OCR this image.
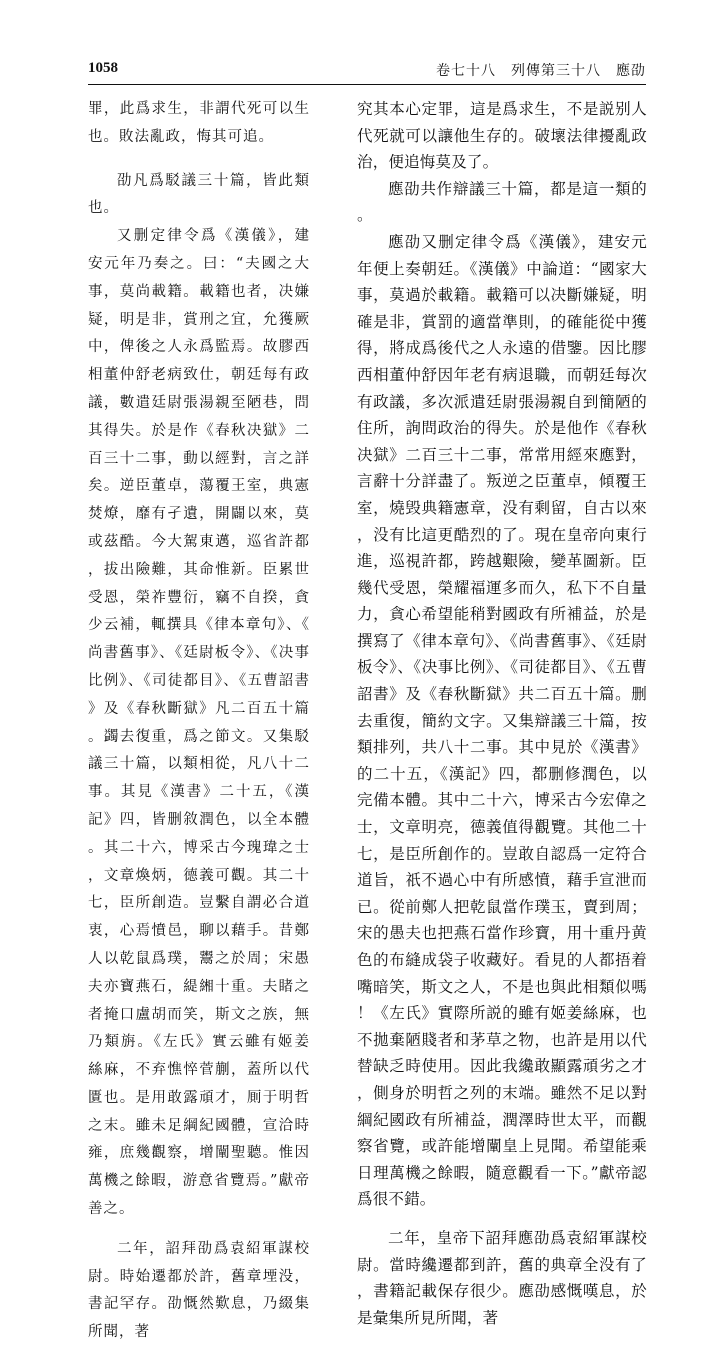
1058	卷七十八　列傳第三十八　應劭

罪，此爲求生，非謂代死可以生也。敗法亂政，悔其可追。

劭凡爲駁議三十篇，皆此類也。

又删定律令爲《漢儀》，建安元年乃奏之。曰：“夫國之大事，莫尚載籍。載籍也者，决嫌疑，明是非，賞刑之宜，允獲厥中，俾後之人永爲監焉。故膠西相董仲舒老病致仕，朝廷每有政議，數遣廷尉張湯親至陋巷，問其得失。於是作《春秋决獄》二百三十二事，動以經對，言之詳矣。逆臣董卓，蕩覆王室，典憲焚燎，靡有孑遺，開闢以來，莫或茲酷。今大駕東邁，巡省許都，拔出險難，其命惟新。臣累世受恩，榮祚豐衍，竊不自揆，貪少云補，輒撰具《律本章句》、《尚書舊事》、《廷尉板令》、《决事比例》、《司徒都目》、《五曹詔書》及《春秋斷獄》凡二百五十篇。蠲去復重，爲之節文。又集駁議三十篇，以類相從，凡八十二事。其見《漢書》二十五，《漢記》四，皆删敘潤色，以全本體。其二十六，博采古今瑰瑋之士，文章煥炳，德義可觀。其二十七，臣所創造。豈繫自謂必合道衷，心焉憤邑，聊以藉手。昔鄭人以乾鼠爲璞，鬻之於周；宋愚夫亦寶燕石，緹緗十重。夫睹之者掩口盧胡而笑，斯文之族，無乃類旃。《左氏》實云雖有姬姜絲麻，不弃憔悴菅蒯，蓋所以代匱也。是用敢露頑才，厠于明哲之末。雖未足綱紀國體，宣洽時雍，庶幾觀察，增闡聖聽。惟因萬機之餘暇，游意省覽焉。”獻帝善之。

二年，詔拜劭爲袁紹軍謀校尉。時始遷都於許，舊章堙没，書記罕存。劭慨然歎息，乃綴集所聞，著

究其本心定罪，這是爲求生，不是説别人代死就可以讓他生存的。破壞法律擾亂政治，便追悔莫及了。

應劭共作辯議三十篇，都是這一類的。

應劭又删定律令爲《漢儀》，建安元年便上奏朝廷。《漢儀》中論道：“國家大事，莫過於載籍。載籍可以决斷嫌疑，明確是非，賞罰的適當準則，的確能從中獲得，將成爲後代之人永遠的借鑒。因比膠西相董仲舒因年老有病退職，而朝廷每次有政議，多次派遣廷尉張湯親自到簡陋的住所，詢問政治的得失。於是他作《春秋决獄》二百三十二事，常常用經來應對，言辭十分詳盡了。叛逆之臣董卓，傾覆王室，燒毁典籍憲章，没有剩留，自古以來，没有比這更酷烈的了。現在皇帝向東行進，巡視許都，跨越艱險，變革圖新。臣幾代受恩，榮耀福運多而久，私下不自量力，貪心希望能稍對國政有所補益，於是撰寫了《律本章句》、《尚書舊事》、《廷尉板令》、《决事比例》、《司徒都目》、《五曹詔書》及《春秋斷獄》共二百五十篇。删去重復，簡約文字。又集辯議三十篇，按類排列，共八十二事。其中見於《漢書》的二十五，《漢記》四，都删修潤色，以完備本體。其中二十六，博采古今宏偉之士，文章明亮，德義值得觀覽。其他二十七，是臣所創作的。豈敢自認爲一定符合道旨，祇不過心中有所感憤，藉手宣泄而已。從前鄭人把乾鼠當作璞玉，賣到周；宋的愚夫也把燕石當作珍寶，用十重丹黄色的布縫成袋子收藏好。看見的人都捂着嘴暗笑，斯文之人，不是也與此相類似嗎！《左氏》實際所説的雖有姬姜絲麻，也不拋棄陋賤者和茅草之物，也許是用以代替缺乏時使用。因此我纔敢顯露頑劣之才，側身於明哲之列的末端。雖然不足以對綱紀國政有所補益，潤澤時世太平，而觀察省覽，或許能增闡皇上見聞。希望能乘日理萬機之餘暇，隨意觀看一下。”獻帝認爲很不錯。

二年，皇帝下詔拜應劭爲袁紹軍謀校尉。當時纔遷都到許，舊的典章全没有了，書籍記載保存很少。應劭感慨嘆息，於是彙集所見所聞，著
